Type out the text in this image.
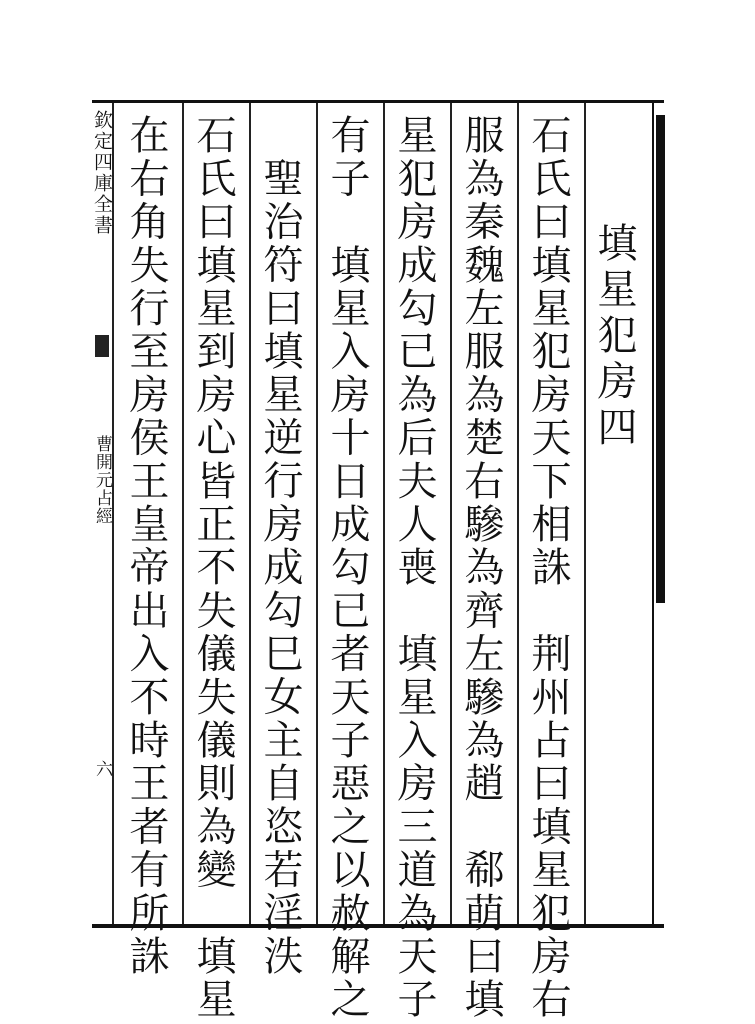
欽定四庫全書
曹開元占經
六
填星犯房四
石氏曰填星犯房天下相誅　荆州占曰填星犯房右
服為秦魏左服為楚右驂為齊左驂為趙　郗萌曰填
星犯房成勾已為后夫人喪　填星入房三道為天子
有子　填星入房十日成勾已者天子惡之以赦解之
聖治符曰填星逆行房成勾巳女主自恣若淫泆
石氏曰填星到房心皆正不失儀失儀則為變　填星
在右角失行至房侯王皇帝出入不時王者有所誅
